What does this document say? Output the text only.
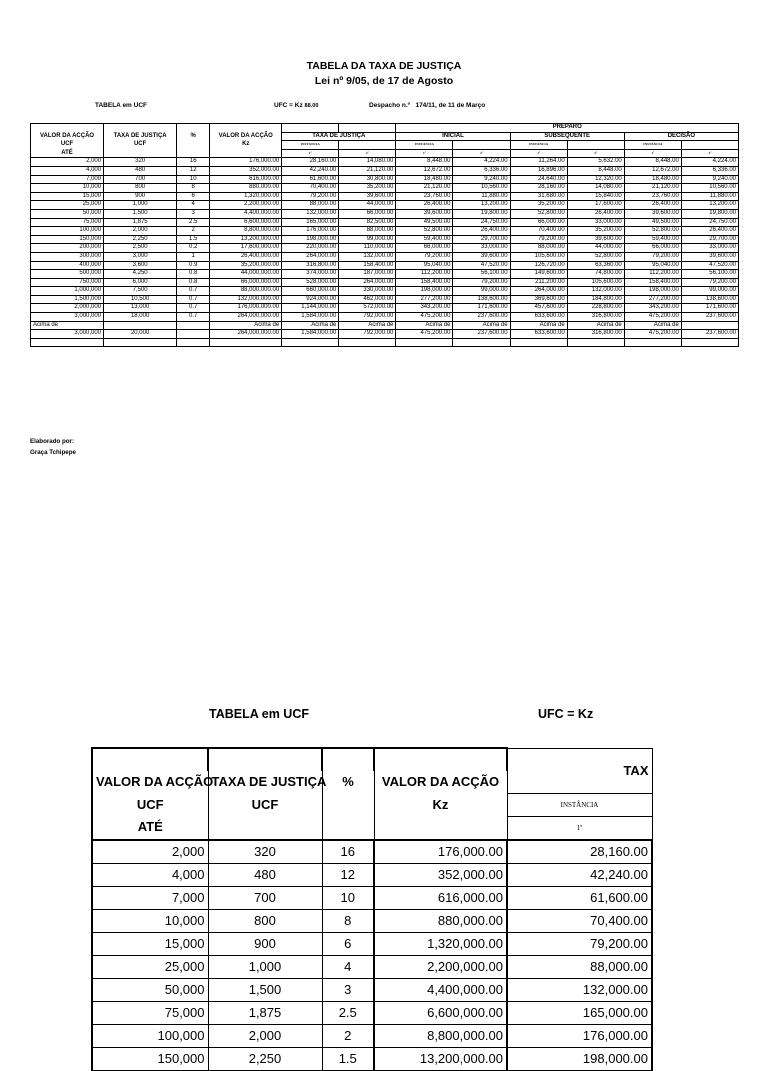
TABELA DA TAXA DE JUSTIÇA
Lei nº 9/05, de 17 de Agosto
TABELA em UCF	UFC = Kz 88.00	Despacho n.º 174/11, de 11 de Março
						PREPARO					
VALOR DA ACÇÃO	TAXA DE JUSTIÇA	%	VALOR DA ACÇÃO	TAXA DE JUSTIÇA		INICIAL		SUBSEQUENTE		DECISÃO	
UCF	UCF		Kz	INSTÂNCIA		INSTÂNCIA		INSTÂNCIA		INSTÂNCIA	
ATÉ				1º	2º	1º	2º	1º	2º	1º	2º
2,000	320	16	176,000.00	28,160.00	14,080.00	8,448.00	4,224.00	11,264.00	5,632.00	8,448.00	4,224.00
4,000	480	12	352,000.00	42,240.00	21,120.00	12,672.00	6,336.00	16,896.00	8,448.00	12,672.00	6,336.00
7,000	700	10	616,000.00	61,600.00	30,800.00	18,480.00	9,240.00	24,640.00	12,320.00	18,480.00	9,240.00
10,000	800	8	880,000.00	70,400.00	35,200.00	21,120.00	10,560.00	28,160.00	14,080.00	21,120.00	10,560.00
15,000	900	6	1,320,000.00	79,200.00	39,600.00	23,760.00	11,880.00	31,680.00	15,840.00	23,760.00	11,880.00
25,000	1,000	4	2,200,000.00	88,000.00	44,000.00	26,400.00	13,200.00	35,200.00	17,600.00	26,400.00	13,200.00
50,000	1,500	3	4,400,000.00	132,000.00	66,000.00	39,600.00	19,800.00	52,800.00	26,400.00	39,600.00	19,800.00
75,000	1,875	2.5	6,600,000.00	165,000.00	82,500.00	49,500.00	24,750.00	66,000.00	33,000.00	49,500.00	24,750.00
100,000	2,000	2	8,800,000.00	176,000.00	88,000.00	52,800.00	26,400.00	70,400.00	35,200.00	52,800.00	26,400.00
150,000	2,250	1.5	13,200,000.00	198,000.00	99,000.00	59,400.00	29,700.00	79,200.00	39,600.00	59,400.00	29,700.00
200,000	2,500	0.2	17,600,000.00	220,000.00	110,000.00	66,000.00	33,000.00	88,000.00	44,000.00	66,000.00	33,000.00
300,000	3,000	1	26,400,000.00	264,000.00	132,000.00	79,200.00	39,600.00	105,600.00	52,800.00	79,200.00	39,600.00
400,000	3,600	0.9	35,200,000.00	316,800.00	158,400.00	95,040.00	47,520.00	126,720.00	63,360.00	95,040.00	47,520.00
500,000	4,250	0.8	44,000,000.00	374,000.00	187,000.00	112,200.00	56,100.00	149,600.00	74,800.00	112,200.00	56,100.00
750,000	6,000	0.8	66,000,000.00	528,000.00	264,000.00	158,400.00	79,200.00	211,200.00	105,600.00	158,400.00	79,200.00
1,000,000	7,500	0.7	88,000,000.00	660,000.00	330,000.00	198,000.00	99,000.00	264,000.00	132,000.00	198,000.00	99,000.00
1,500,000	10,500	0.7	132,000,000.00	924,000.00	462,000.00	277,200.00	138,600.00	369,600.00	184,800.00	277,200.00	138,600.00
2,000,000	13,000	0.7	176,000,000.00	1,144,000.00	572,000.00	343,200.00	171,600.00	457,600.00	228,800.00	343,200.00	171,600.00
3,000,000	18,000	0.7	264,000,000.00	1,584,000.00	792,000.00	475,200.00	237,600.00	633,600.00	316,800.00	475,200.00	237,600.00
Acima de			Acima de	Acima de	Acima de	Acima de	Acima de	Acima de	Acima de	Acima de	
3,000,000	20,000		264,000,000.00	1,584,000.00	792,000.00	475,200.00	237,600.00	633,600.00	316,800.00	475,200.00	237,600.00

Elaborado por:
Graça Tchipepe
TABELA em UCF	UFC = Kz
				TAX
VALOR DA ACÇÃO	TAXA DE JUSTIÇA	%	VALOR DA ACÇÃO	
UCF	UCF		Kz	INSTÂNCIA
ATÉ				1º
2,000	320	16	176,000.00	28,160.00
4,000	480	12	352,000.00	42,240.00
7,000	700	10	616,000.00	61,600.00
10,000	800	8	880,000.00	70,400.00
15,000	900	6	1,320,000.00	79,200.00
25,000	1,000	4	2,200,000.00	88,000.00
50,000	1,500	3	4,400,000.00	132,000.00
75,000	1,875	2.5	6,600,000.00	165,000.00
100,000	2,000	2	8,800,000.00	176,000.00
150,000	2,250	1.5	13,200,000.00	198,000.00
